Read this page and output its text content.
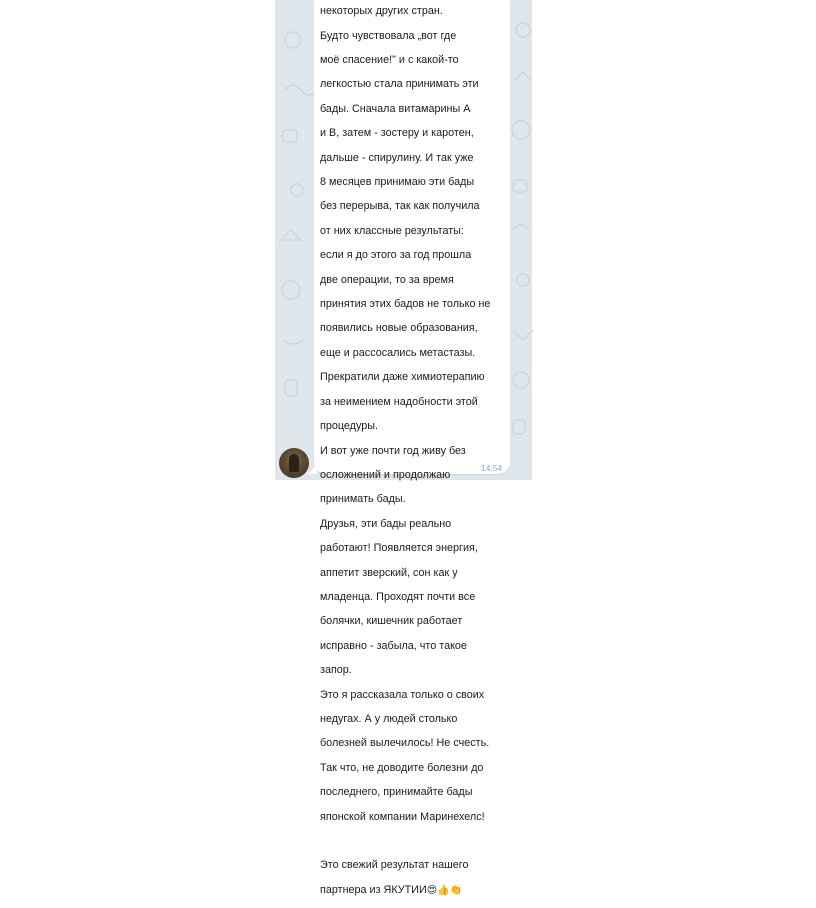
некоторых других стран.

Будто чувствовала „вот где

моё спасение!" и с какой-то

легкостью стала принимать эти

бады. Сначала витамарины А

и В, затем - зостеру и каротен,

дальше - спирулину. И так уже

8 месяцев принимаю эти бады

без перерыва, так как получила

от них классные результаты:

если я до этого за год прошла

две операции, то за время

принятия этих бадов не только не

появились новые образования,

еще и рассосались метастазы.

Прекратили даже химиотерапию

за неимением надобности этой

процедуры.

И вот уже почти год живу без

осложнений и продолжаю

принимать бады.

Друзья, эти бады реально

работают! Появляется энергия,

аппетит зверский, сон как у

младенца. Проходят почти все

болячки, кишечник работает

исправно - забыла, что такое

запор.

Это я рассказала только о своих

недугах. А у людей столько

болезней вылечилось! Не счесть.

Так что, не доводите болезни до

последнего, принимайте бады

японской компании Маринехелс!

Это свежий результат нашего

партнера из ЯКУТИИ😍👍👏

14:54
